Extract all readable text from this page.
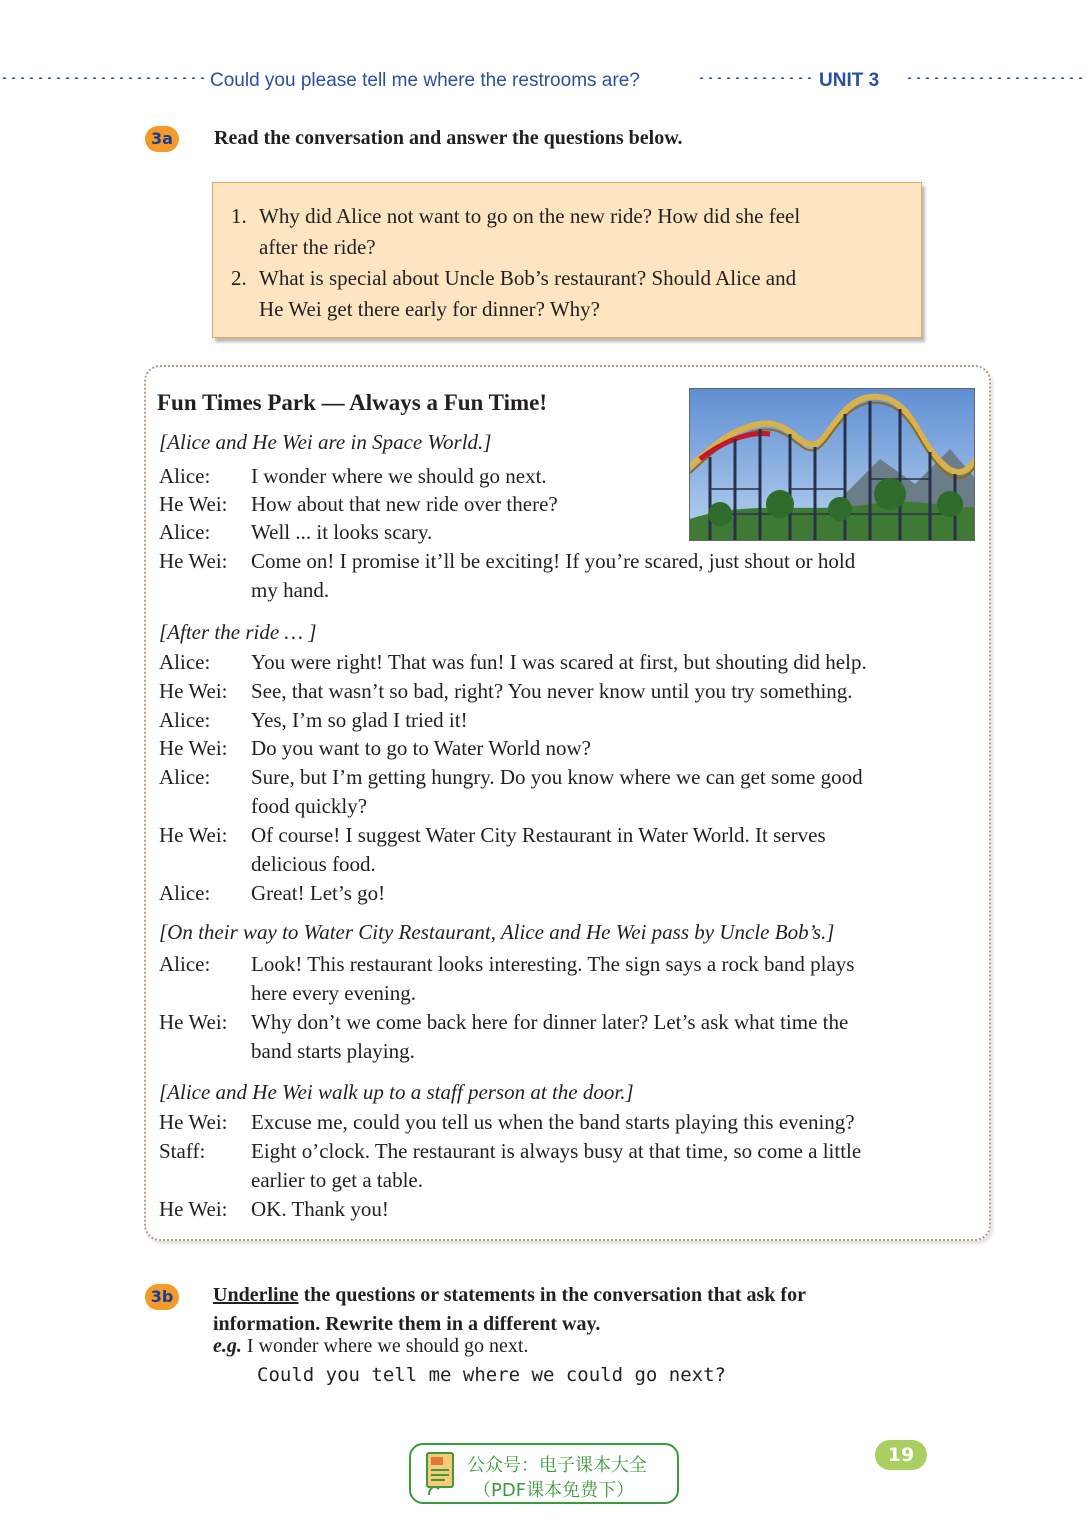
Could you please tell me where the restrooms are?	UNIT 3
3a	Read the conversation and answer the questions below.
1. Why did Alice not want to go on the new ride? How did she feel
after the ride?
2. What is special about Uncle Bob’s restaurant? Should Alice and
He Wei get there early for dinner? Why?
Fun Times Park — Always a Fun Time!
[Alice and He Wei are in Space World.]
Alice: I wonder where we should go next.
He Wei: How about that new ride over there?
Alice: Well ... it looks scary.
He Wei: Come on! I promise it’ll be exciting! If you’re scared, just shout or hold
my hand.
[After the ride … ]
Alice: You were right! That was fun! I was scared at first, but shouting did help.
He Wei: See, that wasn’t so bad, right? You never know until you try something.
Alice: Yes, I’m so glad I tried it!
He Wei: Do you want to go to Water World now?
Alice: Sure, but I’m getting hungry. Do you know where we can get some good
food quickly?
He Wei: Of course! I suggest Water City Restaurant in Water World. It serves
delicious food.
Alice: Great! Let’s go!
[On their way to Water City Restaurant, Alice and He Wei pass by Uncle Bob’s.]
Alice: Look! This restaurant looks interesting. The sign says a rock band plays
here every evening.
He Wei: Why don’t we come back here for dinner later? Let’s ask what time the
band starts playing.
[Alice and He Wei walk up to a staff person at the door.]
He Wei: Excuse me, could you tell us when the band starts playing this evening?
Staff: Eight o’clock. The restaurant is always busy at that time, so come a little
earlier to get a table.
He Wei: OK. Thank you!
3b Underline the questions or statements in the conversation that ask for
information. Rewrite them in a different way.
e.g. I wonder where we should go next.
Could you tell me where we could go next?
公众号：电子课本大全
（PDF课本免费下）
19
